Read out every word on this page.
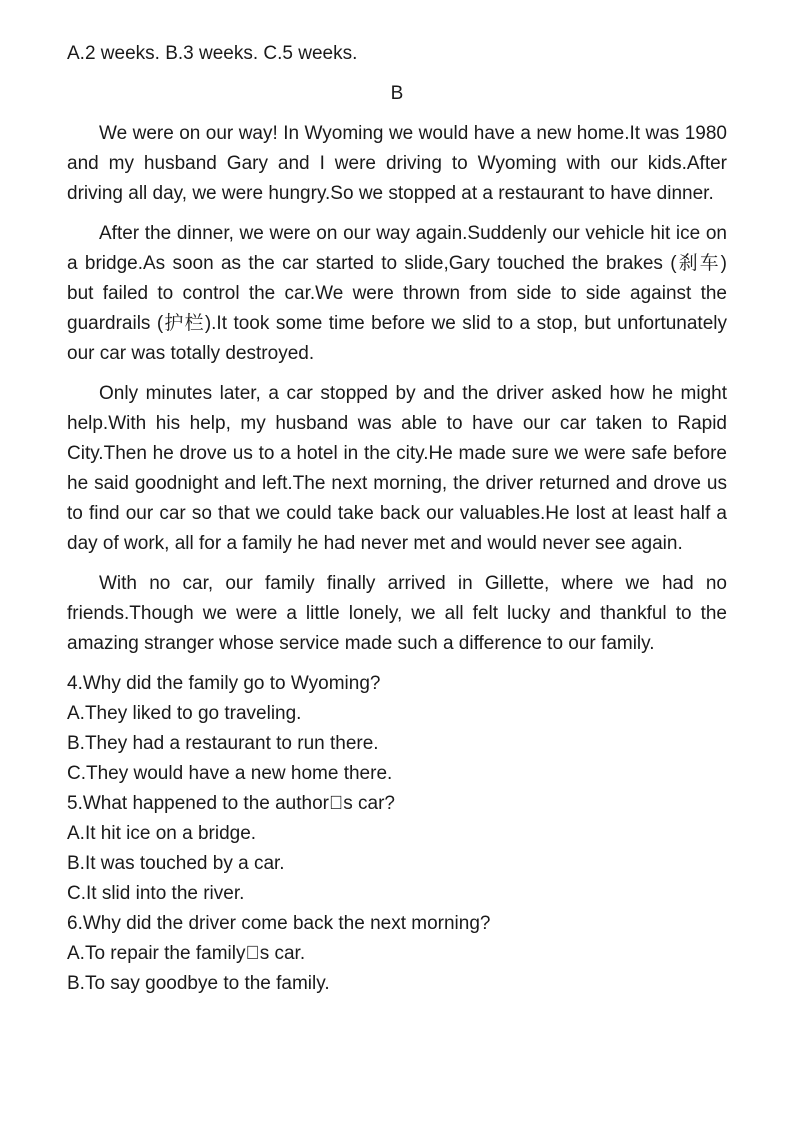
A.2 weeks. B.3 weeks. C.5 weeks.

B

We were on our way! In Wyoming we would have a new home.It was 1980 and my husband Gary and I were driving to Wyoming with our kids.After driving all day, we were hungry.So we stopped at a restaurant to have dinner.

After the dinner, we were on our way again.Suddenly our vehicle hit ice on a bridge.As soon as the car started to slide,Gary touched the brakes (刹车) but failed to control the car.We were thrown from side to side against the guardrails (护栏).It took some time before we slid to a stop, but unfortunately our car was totally destroyed.

Only minutes later, a car stopped by and the driver asked how he might help.With his help, my husband was able to have our car taken to Rapid City.Then he drove us to a hotel in the city.He made sure we were safe before he said goodnight and left.The next morning, the driver returned and drove us to find our car so that we could take back our valuables.He lost at least half a day of work, all for a family he had never met and would never see again.

With no car, our family finally arrived in Gillette, where we had no friends.Though we were a little lonely, we all felt lucky and thankful to the amazing stranger whose service made such a difference to our family.

4.Why did the family go to Wyoming?

A.They liked to go traveling.

B.They had a restaurant to run there.

C.They would have a new home there.

5.What happened to the author s car?

A.It hit ice on a bridge.

B.It was touched by a car.

C.It slid into the river.

6.Why did the driver come back the next morning?

A.To repair the family s car.

B.To say goodbye to the family.
